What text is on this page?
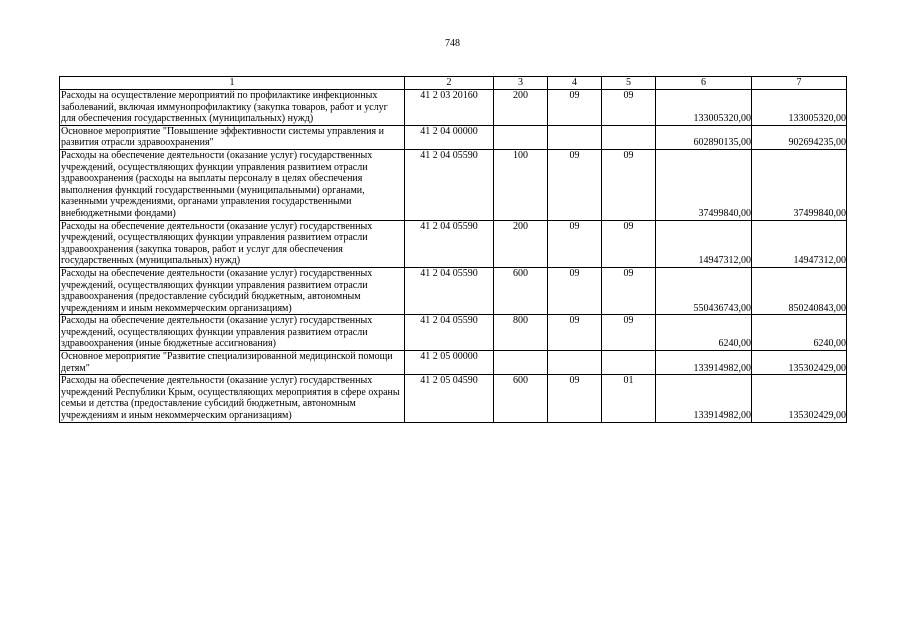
748
1	2	3	4	5	6	7
Расходы на осуществление мероприятий по профилактике инфекционных заболеваний, включая иммунопрофилактику (закупка товаров, работ и услуг для обеспечения государственных (муниципальных) нужд)	41 2 03 20160	200	09	09	133005320,00	133005320,00
Основное мероприятие "Повышение эффективности системы управления и развития отрасли здравоохранения"	41 2 04 00000				602890135,00	902694235,00
Расходы на обеспечение деятельности (оказание услуг) государственных учреждений, осуществляющих функции управления развитием отрасли здравоохранения (расходы на выплаты персоналу в целях обеспечения выполнения функций государственными (муниципальными) органами, казенными учреждениями, органами управления государственными внебюджетными фондами)	41 2 04 05590	100	09	09	37499840,00	37499840,00
Расходы на обеспечение деятельности (оказание услуг) государственных учреждений, осуществляющих функции управления развитием отрасли здравоохранения (закупка товаров, работ и услуг для обеспечения государственных (муниципальных) нужд)	41 2 04 05590	200	09	09	14947312,00	14947312,00
Расходы на обеспечение деятельности (оказание услуг) государственных учреждений, осуществляющих функции управления развитием отрасли здравоохранения (предоставление субсидий бюджетным, автономным учреждениям и иным некоммерческим организациям)	41 2 04 05590	600	09	09	550436743,00	850240843,00
Расходы на обеспечение деятельности (оказание услуг) государственных учреждений, осуществляющих функции управления развитием отрасли здравоохранения (иные бюджетные ассигнования)	41 2 04 05590	800	09	09	6240,00	6240,00
Основное мероприятие "Развитие специализированной медицинской помощи детям"	41 2 05 00000				133914982,00	135302429,00
Расходы на обеспечение деятельности (оказание услуг) государственных учреждений Республики Крым, осуществляющих мероприятия в сфере охраны семьи и детства (предоставление субсидий бюджетным, автономным учреждениям и иным некоммерческим организациям)	41 2 05 04590	600	09	01	133914982,00	135302429,00
